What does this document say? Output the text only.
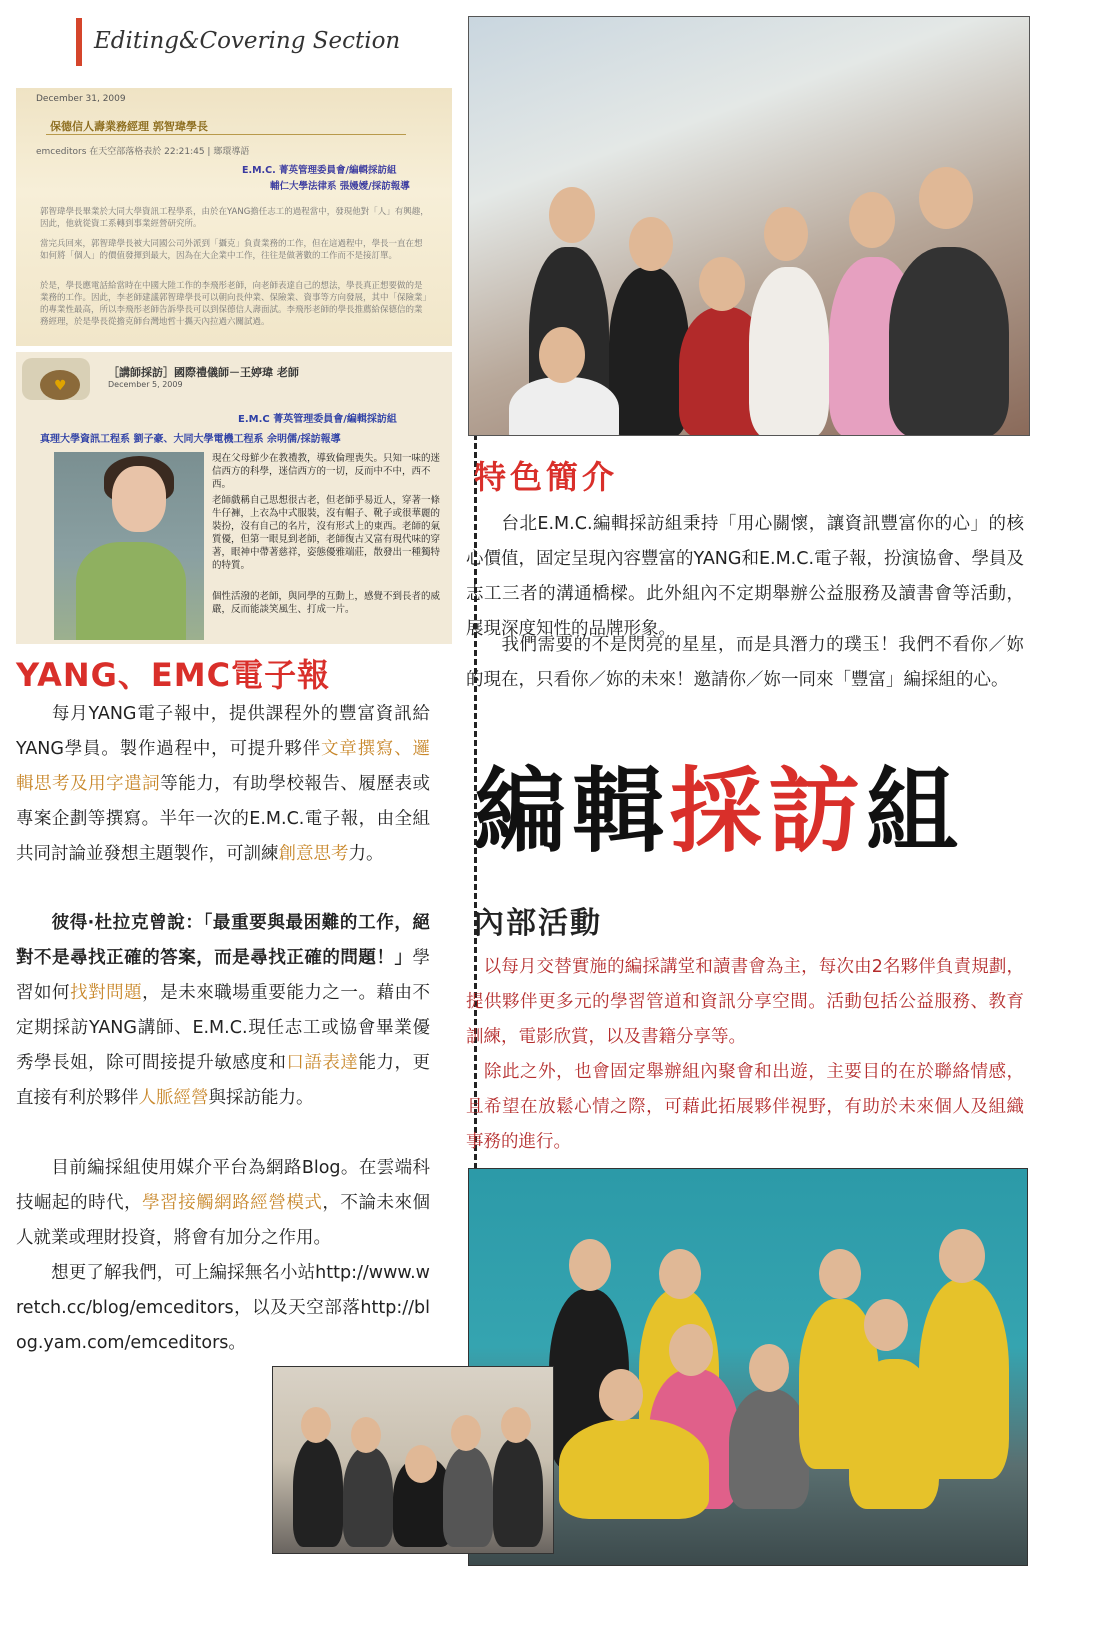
Editing&Covering Section
December 31, 2009
保德信人壽業務經理 郭智瑋學長
emceditors 在天空部落格表於 22:21:45 | 瑯環導語
E.M.C. 菁英管理委員會/編輯採訪組
輔仁大學法律系 張嫚嬡/採訪報導
郭智瑋學長畢業於大同大學資訊工程學系，由於在YANG擔任志工的過程當中，發現他對「人」有興趣，因此，他就從資工系轉到事業經營研究所。
當完兵回來，郭智瑋學長被大同國公司外派到「攝克」負責業務的工作，但在這過程中，學長一直在想如何將「個人」的價值發揮到最大，因為在大企業中工作，往往是做著數的工作而不是接訂單。
於是，學長應電話給當時在中國大陸工作的李飛彤老師，向老師表達自己的想法，學長真正想要做的是業務的工作。因此，李老師建議郭智瑋學長可以朝向長仲業、保險業、資事等方向發展，其中「保險業」的專業性最高，所以李飛彤老師告訴學長可以到保德信人壽面試。李飛彤老師的學長推薦給保德信的業務經理，於是學長從擔克師台灣地哲十攜天內拉過六關試過。
♥
［講師採訪］國際禮儀師－王婷瑋 老師
December 5, 2009
E.M.C 菁英管理委員會/編輯採訪組
真理大學資訊工程系 劉子豪、大同大學電機工程系 余明儒/採訪報導
現在父母鮮少在教禮教，導致倫理喪失。只知一味的迷信西方的科學，迷信西方的一切，反而中不中，西不西。
老師戲稱自己思想很古老，但老師乎易近人，穿著一條牛仔褲，上衣為中式服裝，沒有帽子、靴子或很華麗的裝扮，沒有自己的名片，沒有形式上的東西。老師的氣質優，但第一眼見到老師，老師復古又富有現代味的穿著，眼神中帶著慈祥，姿態優雅端莊，散發出一種獨特的特質。
個性活潑的老師，與同學的互動上，感覺不到長者的威嚴，反而能談笑風生、打成一片。
YANG、EMC電子報
每月YANG電子報中，提供課程外的豐富資訊給YANG學員。製作過程中，可提升夥伴文章撰寫、邏輯思考及用字遣詞等能力，有助學校報告、履歷表或專案企劃等撰寫。半年一次的E.M.C.電子報，由全組共同討論並發想主題製作，可訓練創意思考力。
彼得‧杜拉克曾說：「最重要與最困難的工作，絕對不是尋找正確的答案，而是尋找正確的問題！」學習如何找對問題，是未來職場重要能力之一。藉由不定期採訪YANG講師、E.M.C.現任志工或協會畢業優秀學長姐，除可間接提升敏感度和口語表達能力，更直接有利於夥伴人脈經營與採訪能力。
目前編採組使用媒介平台為網路Blog。在雲端科技崛起的時代，學習接觸網路經營模式，不論未來個人就業或理財投資，將會有加分之作用。
想更了解我們，可上編採無名小站http://www.wretch.cc/blog/emceditors，以及天空部落http://blog.yam.com/emceditors。
特色簡介
台北E.M.C.編輯採訪組秉持「用心關懷，讓資訊豐富你的心」的核心價值，固定呈現內容豐富的YANG和E.M.C.電子報，扮演協會、學員及志工三者的溝通橋樑。此外組內不定期舉辦公益服務及讀書會等活動，展現深度知性的品牌形象。
我們需要的不是閃亮的星星，而是具潛力的璞玉！我們不看你／妳的現在，只看你／妳的未來！邀請你／妳一同來「豐富」編採組的心。
編輯採訪組
內部活動
以每月交替實施的編採講堂和讀書會為主，每次由2名夥伴負責規劃，提供夥伴更多元的學習管道和資訊分享空間。活動包括公益服務、教育訓練，電影欣賞，以及書籍分享等。
除此之外，也會固定舉辦組內聚會和出遊，主要目的在於聯絡情感，且希望在放鬆心情之際，可藉此拓展夥伴視野，有助於未來個人及組織事務的進行。
